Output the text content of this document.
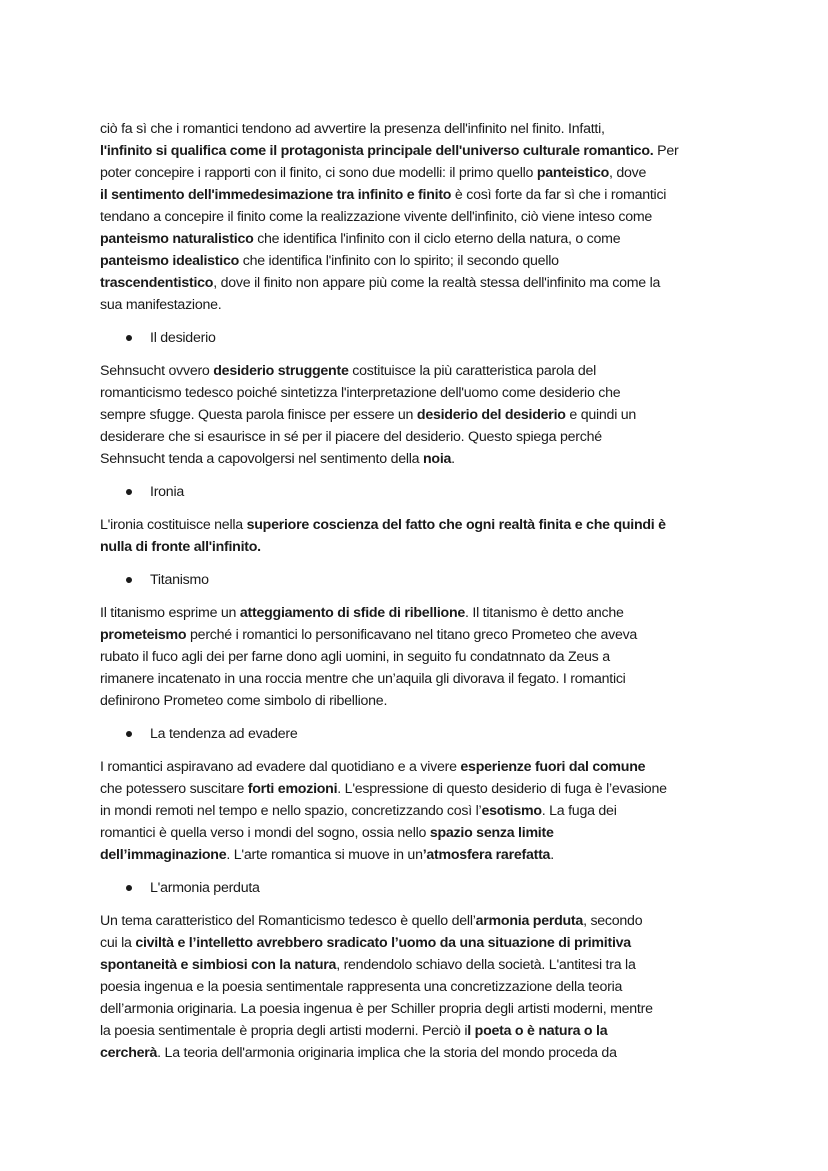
ciò fa sì che i romantici tendono ad avvertire la presenza dell'infinito nel finito. Infatti,
l'infinito si qualifica come il protagonista principale dell'universo culturale romantico. Per
poter concepire i rapporti con il finito, ci sono due modelli: il primo quello panteistico, dove
il sentimento dell'immedesimazione tra infinito e finito è così forte da far sì che i romantici
tendano a concepire il finito come la realizzazione vivente dell'infinito, ciò viene inteso come
panteismo naturalistico che identifica l'infinito con il ciclo eterno della natura, o come
panteismo idealistico che identifica l'infinito con lo spirito; il secondo quello
trascendentistico, dove il finito non appare più come la realtà stessa dell'infinito ma come la
sua manifestazione.
Il desiderio
Sehnsucht ovvero desiderio struggente costituisce la più caratteristica parola del
romanticismo tedesco poiché sintetizza l'interpretazione dell'uomo come desiderio che
sempre sfugge. Questa parola finisce per essere un desiderio del desiderio e quindi un
desiderare che si esaurisce in sé per il piacere del desiderio. Questo spiega perché
Sehnsucht tenda a capovolgersi nel sentimento della noia.
Ironia
L'ironia costituisce nella superiore coscienza del fatto che ogni realtà finita e che quindi è
nulla di fronte all'infinito.
Titanismo
Il titanismo esprime un atteggiamento di sfide di ribellione. Il titanismo è detto anche
prometeismo perché i romantici lo personificavano nel titano greco Prometeo che aveva
rubato il fuco agli dei per farne dono agli uomini, in seguito fu condatnnato da Zeus a
rimanere incatenato in una roccia mentre che un’aquila gli divorava il fegato. I romantici
definirono Prometeo come simbolo di ribellione.
La tendenza ad evadere
I romantici aspiravano ad evadere dal quotidiano e a vivere esperienze fuori dal comune
che potessero suscitare forti emozioni. L'espressione di questo desiderio di fuga è l’evasione
in mondi remoti nel tempo e nello spazio, concretizzando così l’esotismo. La fuga dei
romantici è quella verso i mondi del sogno, ossia nello spazio senza limite
dell’immaginazione. L'arte romantica si muove in un’atmosfera rarefatta.
L'armonia perduta
Un tema caratteristico del Romanticismo tedesco è quello dell’armonia perduta, secondo
cui la civiltà e l’intelletto avrebbero sradicato l’uomo da una situazione di primitiva
spontaneità e simbiosi con la natura, rendendolo schiavo della società. L'antitesi tra la
poesia ingenua e la poesia sentimentale rappresenta una concretizzazione della teoria
dell’armonia originaria. La poesia ingenua è per Schiller propria degli artisti moderni, mentre
la poesia sentimentale è propria degli artisti moderni. Perciò il poeta o è natura o la
cercherà. La teoria dell'armonia originaria implica che la storia del mondo proceda da
